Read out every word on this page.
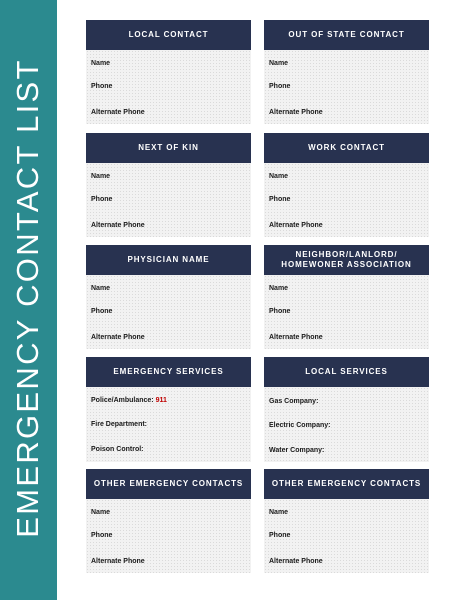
EMERGENCY CONTACT LIST
LOCAL CONTACT
Name
Phone
Alternate Phone
OUT OF STATE CONTACT
Name
Phone
Alternate Phone
NEXT OF KIN
Name
Phone
Alternate Phone
WORK CONTACT
Name
Phone
Alternate Phone
PHYSICIAN NAME
Name
Phone
Alternate Phone
NEIGHBOR/LANLORD/
HOMEWONER ASSOCIATION
Name
Phone
Alternate Phone
EMERGENCY SERVICES
Police/Ambulance: 911
Fire Department:
Poison Control:
LOCAL SERVICES
Gas Company:
Electric Company:
Water Company:
OTHER EMERGENCY CONTACTS
Name
Phone
Alternate Phone
OTHER EMERGENCY CONTACTS
Name
Phone
Alternate Phone
